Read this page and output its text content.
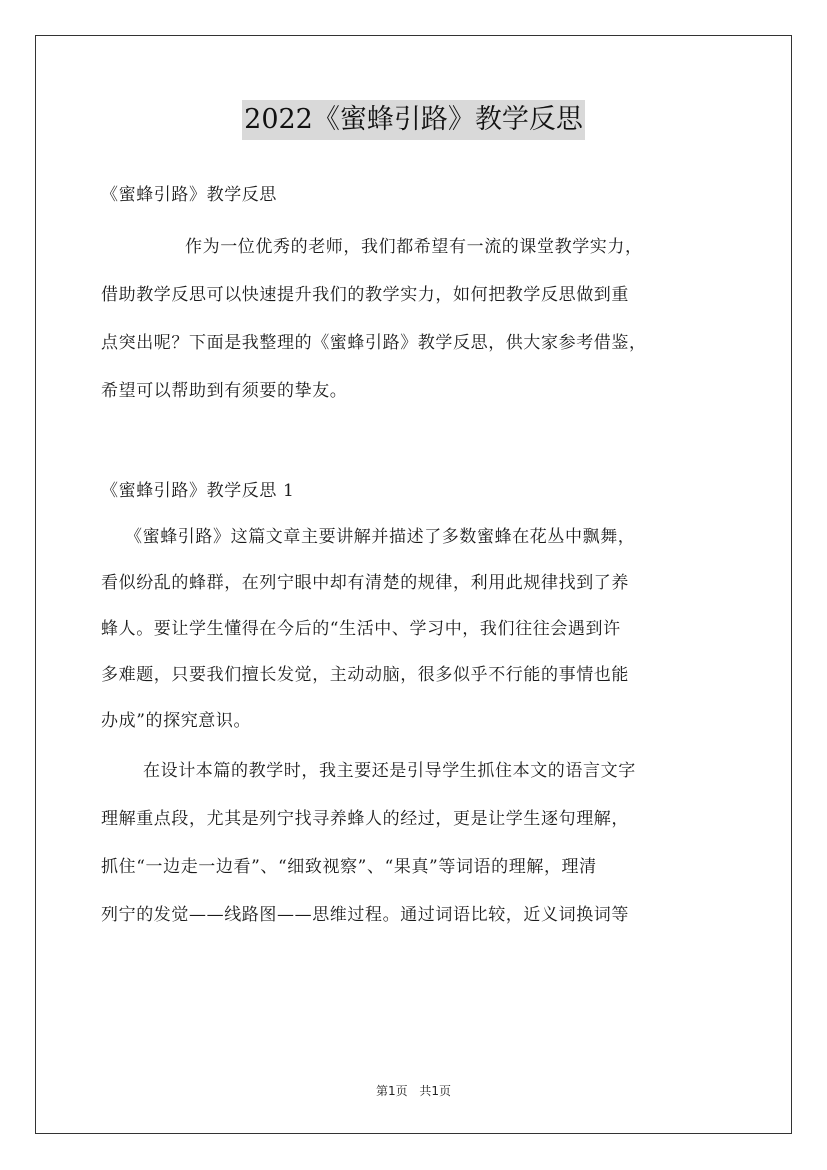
2022《蜜蜂引路》教学反思
《蜜蜂引路》教学反思
作为一位优秀的老师，我们都希望有一流的课堂教学实力，
借助教学反思可以快速提升我们的教学实力，如何把教学反思做到重
点突出呢？下面是我整理的《蜜蜂引路》教学反思，供大家参考借鉴，
希望可以帮助到有须要的挚友。
《蜜蜂引路》教学反思 1
《蜜蜂引路》这篇文章主要讲解并描述了多数蜜蜂在花丛中飘舞，
看似纷乱的蜂群，在列宁眼中却有清楚的规律，利用此规律找到了养
蜂人。要让学生懂得在今后的“生活中、学习中，我们往往会遇到许
多难题，只要我们擅长发觉，主动动脑，很多似乎不行能的事情也能
办成”的探究意识。
在设计本篇的教学时，我主要还是引导学生抓住本文的语言文字
理解重点段，尤其是列宁找寻养蜂人的经过，更是让学生逐句理解，
抓住“一边走一边看”、“细致视察”、“果真”等词语的理解，理清
列宁的发觉——线路图——思维过程。通过词语比较，近义词换词等
第1页 共1页
